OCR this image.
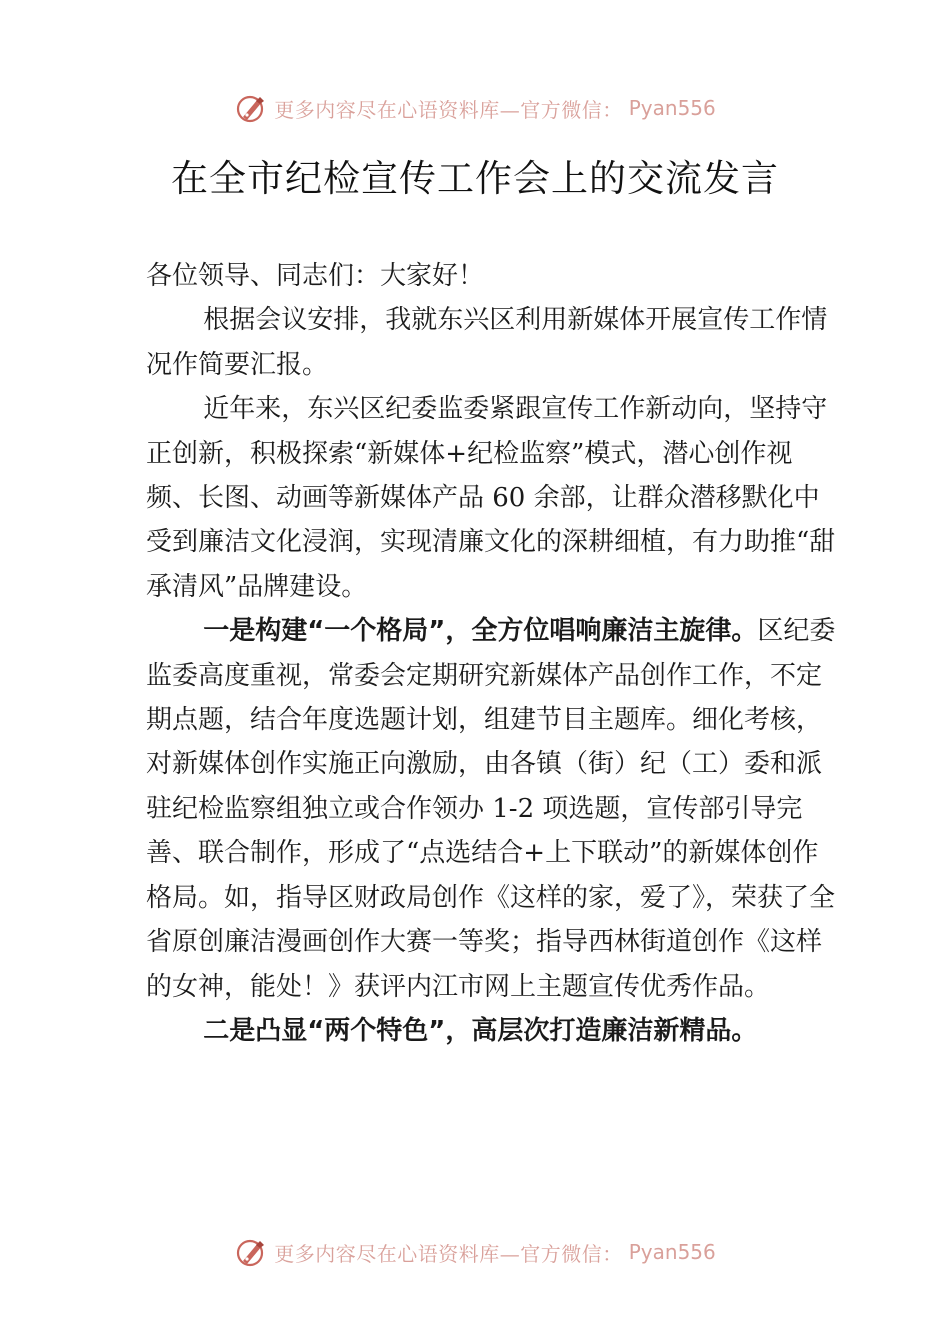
更多内容尽在心语资料库—官方微信： Pyan556
在全市纪检宣传工作会上的交流发言

各位领导、同志们：大家好！

根据会议安排，我就东兴区利用新媒体开展宣传工作情况作简要汇报。

近年来，东兴区纪委监委紧跟宣传工作新动向，坚持守正创新，积极探索“新媒体+纪检监察”模式，潜心创作视频、长图、动画等新媒体产品 60 余部，让群众潜移默化中受到廉洁文化浸润，实现清廉文化的深耕细植，有力助推“甜承清风”品牌建设。

一是构建“一个格局”，全方位唱响廉洁主旋律。区纪委监委高度重视，常委会定期研究新媒体产品创作工作，不定期点题，结合年度选题计划，组建节目主题库。细化考核，对新媒体创作实施正向激励，由各镇（街）纪（工）委和派驻纪检监察组独立或合作领办 1-2 项选题，宣传部引导完善、联合制作，形成了“点选结合+上下联动”的新媒体创作格局。如，指导区财政局创作《这样的家，爱了》，荣获了全省原创廉洁漫画创作大赛一等奖；指导西林街道创作《这样的女神，能处！》获评内江市网上主题宣传优秀作品。

二是凸显“两个特色”，高层次打造廉洁新精品。

更多内容尽在心语资料库—官方微信： Pyan556
